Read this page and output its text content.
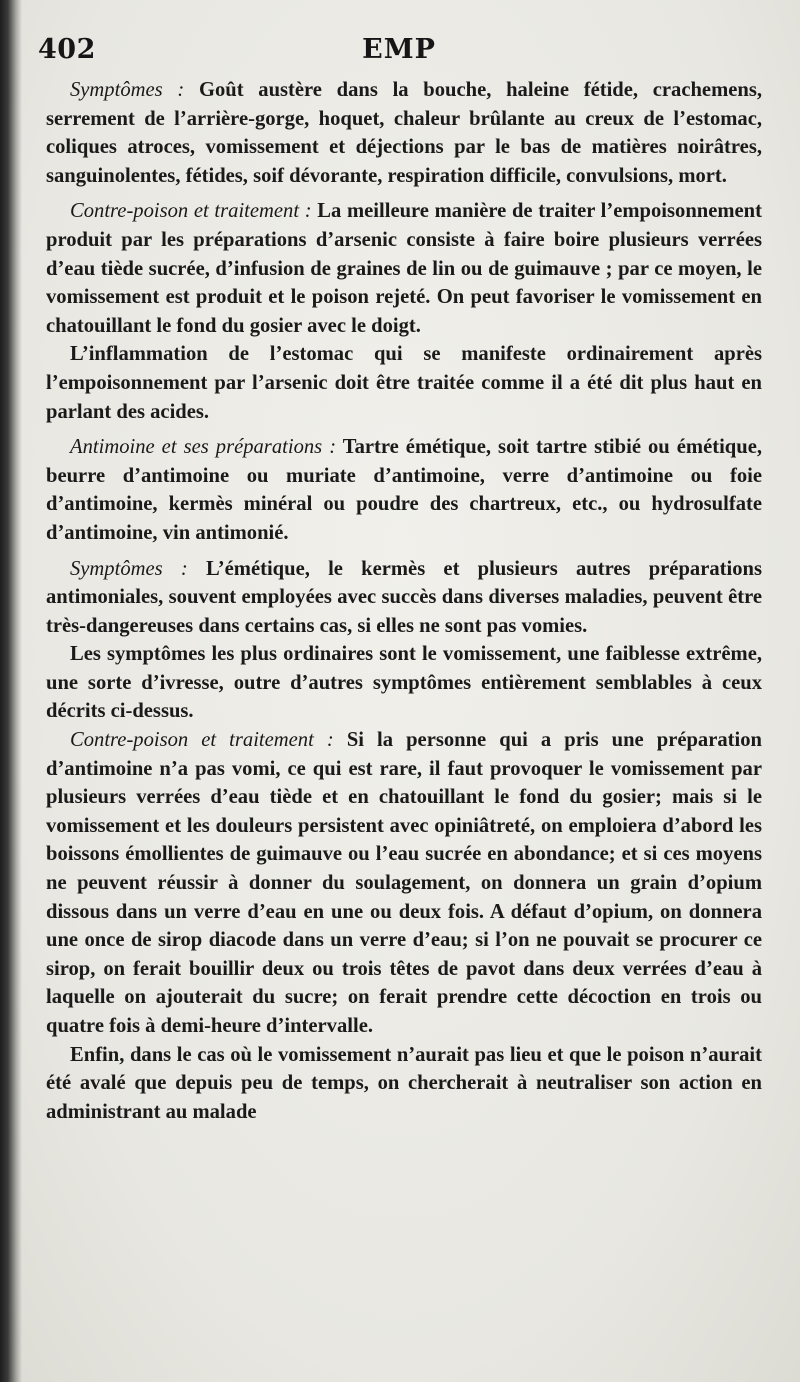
402	EMP

Symptômes : Goût austère dans la bouche, haleine fétide, crachemens, serrement de l’arrière-gorge, hoquet, chaleur brûlante au creux de l’estomac, coliques atroces, vomissement et déjections par le bas de matières noirâtres, sanguinolentes, fétides, soif dévorante, respiration difficile, convulsions, mort.

Contre-poison et traitement : La meilleure manière de traiter l’empoisonnement produit par les préparations d’arsenic consiste à faire boire plusieurs verrées d’eau tiède sucrée, d’infusion de graines de lin ou de guimauve ; par ce moyen, le vomissement est produit et le poison rejeté. On peut favoriser le vomissement en chatouillant le fond du gosier avec le doigt.

L’inflammation de l’estomac qui se manifeste ordinairement après l’empoisonnement par l’arsenic doit être traitée comme il a été dit plus haut en parlant des acides.

Antimoine et ses préparations : Tartre émétique, soit tartre stibié ou émétique, beurre d’antimoine ou muriate d’antimoine, verre d’antimoine ou foie d’antimoine, kermès minéral ou poudre des chartreux, etc., ou hydrosulfate d’antimoine, vin antimonié.

Symptômes : L’émétique, le kermès et plusieurs autres préparations antimoniales, souvent employées avec succès dans diverses maladies, peuvent être très-dangereuses dans certains cas, si elles ne sont pas vomies.

Les symptômes les plus ordinaires sont le vomissement, une faiblesse extrême, une sorte d’ivresse, outre d’autres symptômes entièrement semblables à ceux décrits ci-dessus.

Contre-poison et traitement : Si la personne qui a pris une préparation d’antimoine n’a pas vomi, ce qui est rare, il faut provoquer le vomissement par plusieurs verrées d’eau tiède et en chatouillant le fond du gosier; mais si le vomissement et les douleurs persistent avec opiniâtreté, on emploiera d’abord les boissons émollientes de guimauve ou l’eau sucrée en abondance; et si ces moyens ne peuvent réussir à donner du soulagement, on donnera un grain d’opium dissous dans un verre d’eau en une ou deux fois. A défaut d’opium, on donnera une once de sirop diacode dans un verre d’eau; si l’on ne pouvait se procurer ce sirop, on ferait bouillir deux ou trois têtes de pavot dans deux verrées d’eau à laquelle on ajouterait du sucre; on ferait prendre cette décoction en trois ou quatre fois à demi-heure d’intervalle.

Enfin, dans le cas où le vomissement n’aurait pas lieu et que le poison n’aurait été avalé que depuis peu de temps, on chercherait à neutraliser son action en administrant au malade
